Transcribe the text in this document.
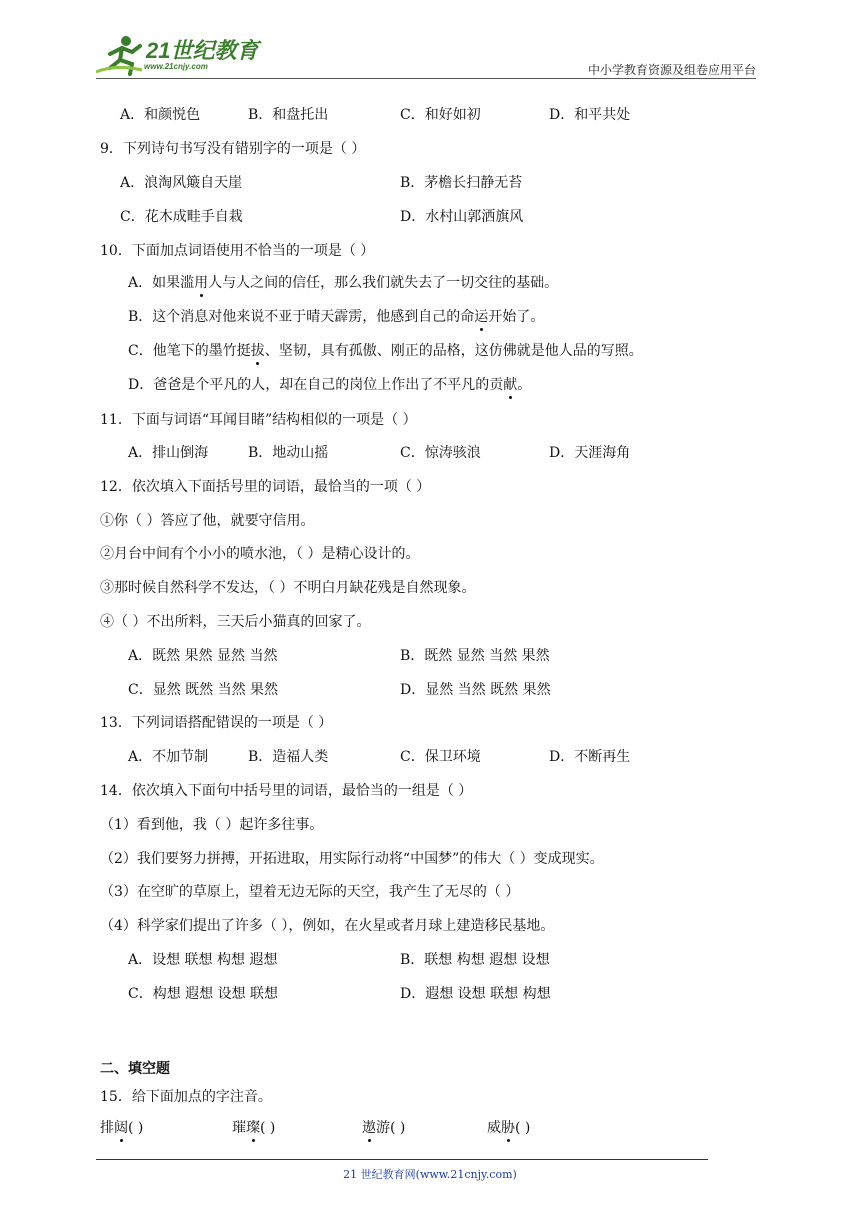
21世纪教育
www.21cnjy.com	中小学教育资源及组卷应用平台
A．和颜悦色	B．和盘托出	C．和好如初	D．和平共处
9．下列诗句书写没有错别字的一项是（ ）
A．浪淘风簸自天崖	B．茅檐长扫静无苔
C．花木成畦手自栽	D．水村山郭洒旗风
10．下面加点词语使用不恰当的一项是（ ）
A．如果滥用人与人之间的信任，那么我们就失去了一切交往的基础。
B．这个消息对他来说不亚于晴天霹雳，他感到自己的命运开始了。
C．他笔下的墨竹挺拔、坚韧，具有孤傲、刚正的品格，这仿佛就是他人品的写照。
D．爸爸是个平凡的人，却在自己的岗位上作出了不平凡的贡献。
11．下面与词语“耳闻目睹”结构相似的一项是（ ）
A．排山倒海	B．地动山摇	C．惊涛骇浪	D．天涯海角
12．依次填入下面括号里的词语，最恰当的一项（ ）
①你（ ）答应了他，就要守信用。
②月台中间有个小小的喷水池，（ ）是精心设计的。
③那时候自然科学不发达，（ ）不明白月缺花残是自然现象。
④（ ）不出所料，三天后小猫真的回家了。
A．既然 果然 显然 当然	B．既然 显然 当然 果然
C．显然 既然 当然 果然	D．显然 当然 既然 果然
13．下列词语搭配错误的一项是（ ）
A．不加节制	B．造福人类	C．保卫环境	D．不断再生
14．依次填入下面句中括号里的词语，最恰当的一组是（ ）
（1）看到他，我（ ）起许多往事。
（2）我们要努力拼搏，开拓进取，用实际行动将“中国梦”的伟大（ ）变成现实。
（3）在空旷的草原上，望着无边无际的天空，我产生了无尽的（ ）
（4）科学家们提出了许多（ ），例如，在火星或者月球上建造移民基地。
A．设想 联想 构想 遐想	B．联想 构想 遐想 设想
C．构想 遐想 设想 联想	D．遐想 设想 联想 构想
二、填空题
15．给下面加点的字注音。
排闼( )	璀璨( )	遨游( )	威胁( )
21 世纪教育网(www.21cnjy.com)
